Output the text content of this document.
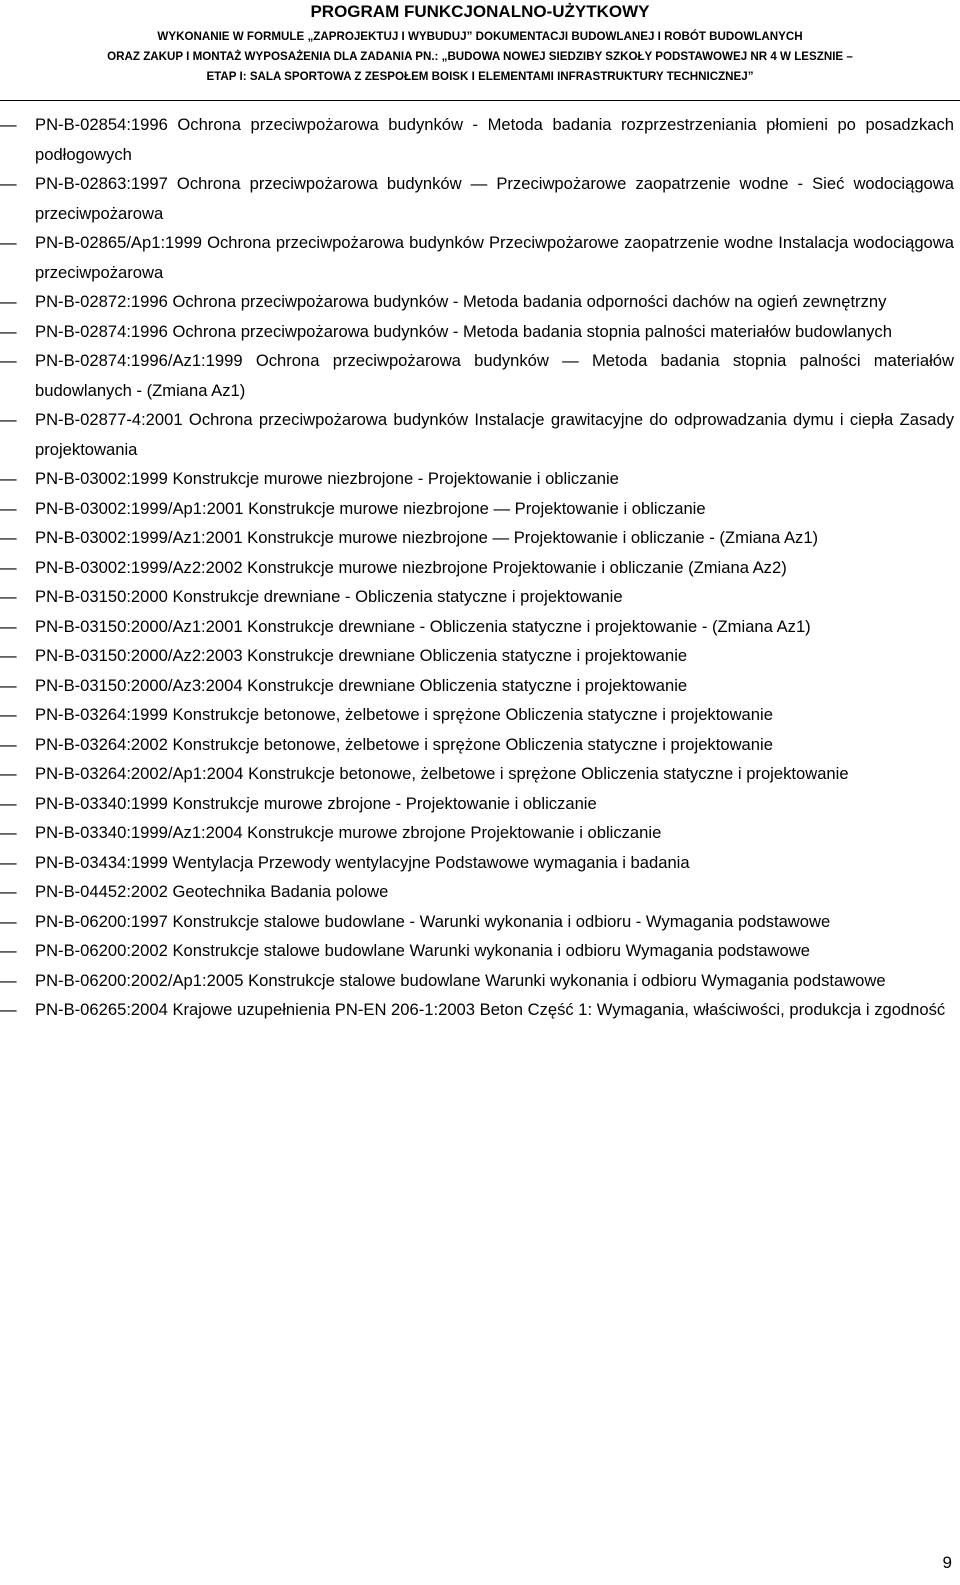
PROGRAM FUNKCJONALNO-UŻYTKOWY
WYKONANIE W FORMULE „ZAPROJEKTUJ I WYBUDUJ” DOKUMENTACJI BUDOWLANEJ I ROBÓT BUDOWLANYCH
ORAZ ZAKUP I MONTAŻ WYPOSAŻENIA DLA ZADANIA PN.: „BUDOWA NOWEJ SIEDZIBY SZKOŁY PODSTAWOWEJ NR 4 W LESZNIE –
ETAP I: SALA SPORTOWA Z ZESPOŁEM BOISK I ELEMENTAMI INFRASTRUKTURY TECHNICZNEJ”
—	PN-B-02854:1996 Ochrona przeciwpożarowa budynków - Metoda badania rozprzestrzeniania płomieni po posadzkach podłogowych
—	PN-B-02863:1997 Ochrona przeciwpożarowa budynków — Przeciwpożarowe zaopatrzenie wodne - Sieć wodociągowa przeciwpożarowa
—	PN-B-02865/Ap1:1999 Ochrona przeciwpożarowa budynków Przeciwpożarowe zaopatrzenie wodne Instalacja wodociągowa przeciwpożarowa
—	PN-B-02872:1996 Ochrona przeciwpożarowa budynków - Metoda badania odporności dachów na ogień zewnętrzny
—	PN-B-02874:1996 Ochrona przeciwpożarowa budynków - Metoda badania stopnia palności materiałów budowlanych
—	PN-B-02874:1996/Az1:1999 Ochrona przeciwpożarowa budynków — Metoda badania stopnia palności materiałów budowlanych - (Zmiana Az1)
—	PN-B-02877-4:2001 Ochrona przeciwpożarowa budynków Instalacje grawitacyjne do odprowadzania dymu i ciepła Zasady projektowania
—	PN-B-03002:1999 Konstrukcje murowe niezbrojone - Projektowanie i obliczanie
—	PN-B-03002:1999/Ap1:2001 Konstrukcje murowe niezbrojone — Projektowanie i obliczanie
—	PN-B-03002:1999/Az1:2001 Konstrukcje murowe niezbrojone — Projektowanie i obliczanie - (Zmiana Az1)
—	PN-B-03002:1999/Az2:2002 Konstrukcje murowe niezbrojone Projektowanie i obliczanie (Zmiana Az2)
—	PN-B-03150:2000 Konstrukcje drewniane - Obliczenia statyczne i projektowanie
—	PN-B-03150:2000/Az1:2001 Konstrukcje drewniane - Obliczenia statyczne i projektowanie - (Zmiana Az1)
—	PN-B-03150:2000/Az2:2003 Konstrukcje drewniane Obliczenia statyczne i projektowanie
—	PN-B-03150:2000/Az3:2004 Konstrukcje drewniane Obliczenia statyczne i projektowanie
—	PN-B-03264:1999 Konstrukcje betonowe, żelbetowe i sprężone Obliczenia statyczne i projektowanie
—	PN-B-03264:2002 Konstrukcje betonowe, żelbetowe i sprężone Obliczenia statyczne i projektowanie
—	PN-B-03264:2002/Ap1:2004 Konstrukcje betonowe, żelbetowe i sprężone Obliczenia statyczne i projektowanie
—	PN-B-03340:1999 Konstrukcje murowe zbrojone - Projektowanie i obliczanie
—	PN-B-03340:1999/Az1:2004 Konstrukcje murowe zbrojone Projektowanie i obliczanie
—	PN-B-03434:1999 Wentylacja Przewody wentylacyjne Podstawowe wymagania i badania
—	PN-B-04452:2002 Geotechnika Badania polowe
—	PN-B-06200:1997 Konstrukcje stalowe budowlane - Warunki wykonania i odbioru - Wymagania podstawowe
—	PN-B-06200:2002 Konstrukcje stalowe budowlane Warunki wykonania i odbioru Wymagania podstawowe
—	PN-B-06200:2002/Ap1:2005 Konstrukcje stalowe budowlane Warunki wykonania i odbioru Wymagania podstawowe
—	PN-B-06265:2004 Krajowe uzupełnienia PN-EN 206-1:2003 Beton Część 1: Wymagania, właściwości, produkcja i zgodność
9
